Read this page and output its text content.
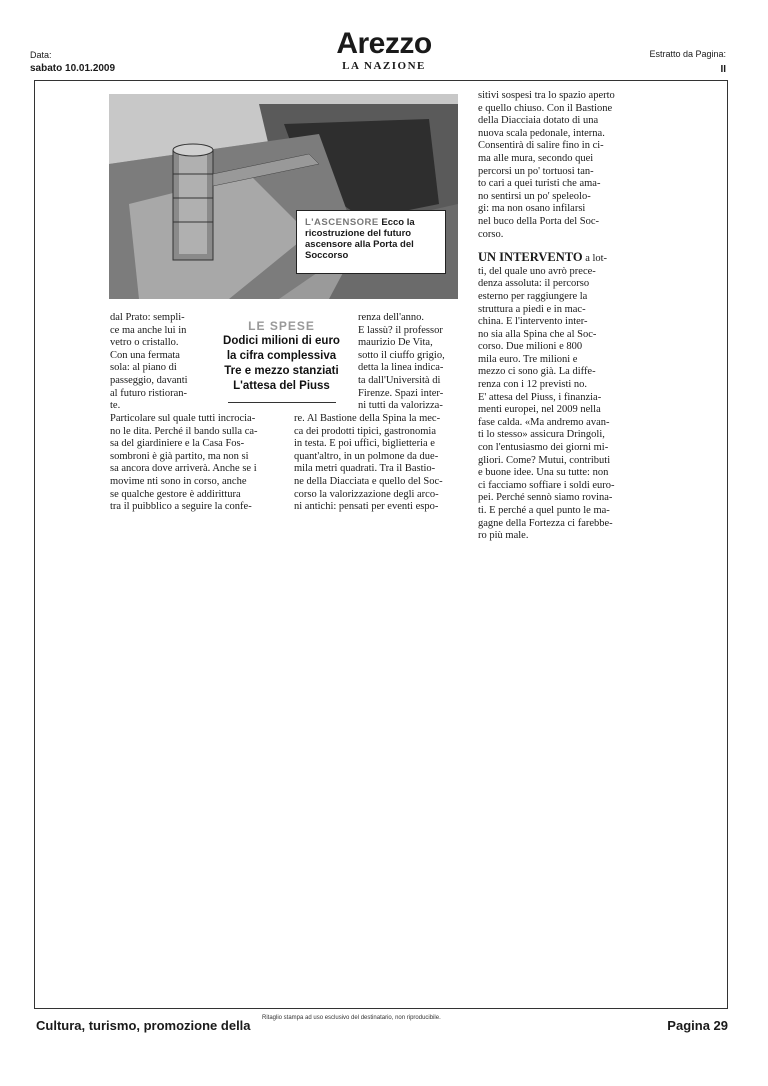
Data:
sabato 10.01.2009
Arezzo
LA NAZIONE
Estratto da Pagina:
II
L'ASCENSORE Ecco la ricostruzione del futuro ascensore alla Porta del Soccorso

dal Prato: sempli-

ce ma anche lui in

vetro o cristallo.

Con una fermata

sola: al piano di

passeggio, davanti

al futuro ristioran-

te.

LE SPESE
Dodici milioni di euro
la cifra complessiva
Tre e mezzo stanziati
L'attesa del Piuss

renza dell'anno.

E lassù? il professor

maurizio De Vita,

sotto il ciuffo grigio,

detta la linea indica-

ta dall'Università di

Firenze. Spazi inter-

ni tutti da valorizza-

Particolare sul quale tutti incrocia-

no le dita. Perché il bando sulla ca-

sa del giardiniere e la Casa Fos-

sombroni è già partito, ma non si

sa ancora dove arriverà. Anche se i

movime nti sono in corso, anche

se qualche gestore è addirittura

tra il puibblico a seguire la confe-

re. Al Bastione della Spina la mec-

ca dei prodotti tipici, gastronomia

in testa. E poi uffici, biglietteria e

quant'altro, in un polmone da due-

mila metri quadrati. Tra il Bastio-

ne della Diacciata e quello del Soc-

corso la valorizzazione degli arco-

ni antichi: pensati per eventi espo-

sitivi sospesi tra lo spazio aperto

e quello chiuso. Con il Bastione

della Diacciaia dotato di una

nuova scala pedonale, interna.

Consentirà di salire fino in ci-

ma alle mura, secondo quei

percorsi un po' tortuosi tan-

to cari a quei turisti che ama-

no sentirsi un po' speleolo-

gi: ma non osano infilarsi

nel buco della Porta del Soc-

corso.

UN INTERVENTO a lot-

ti, del quale uno avrò prece-

denza assoluta: il percorso

esterno per raggiungere la

struttura a piedi e in mac-

china. E l'intervento inter-

no sia alla Spina che al Soc-

corso. Due milioni e 800

mila euro. Tre milioni e

mezzo ci sono già. La diffe-

renza con i 12 previsti no.

E' attesa del Piuss, i finanzia-

menti europei, nel 2009 nella

fase calda. «Ma andremo avan-

ti lo stesso» assicura Dringoli,

con l'entusiasmo dei giorni mi-

gliori. Come? Mutui, contributi

e buone idee. Una su tutte: non

ci facciamo soffiare i soldi euro-

pei. Perché sennò siamo rovina-

ti. E perché a quel punto le ma-

gagne della Fortezza ci farebbe-

ro più male.

Cultura, turismo, promozione della Ritaglio stampa ad uso esclusivo del destinatario, non riproducibile.	Pagina 29
